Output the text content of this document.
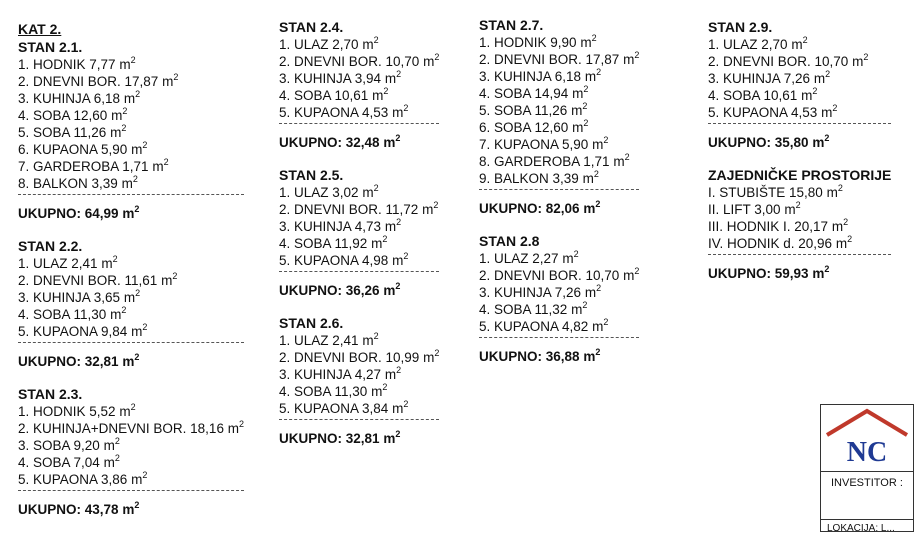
KAT 2.
STAN 2.1.
1. HODNIK 7,77 $m^2$
2. DNEVNI BOR. 17,87 $m^2$
3. KUHINJA 6,18 $m^2$
4. SOBA 12,60 $m^2$
5. SOBA 11,26 $m^2$
6. KUPAONA 5,90 $m^2$
7. GARDEROBA 1,71 $m^2$
8. BALKON 3,39 $m^2$
UKUPNO: 64,99 $m^2$
STAN 2.2.
1. ULAZ 2,41 $m^2$
2. DNEVNI BOR. 11,61 $m^2$
3. KUHINJA 3,65 $m^2$
4. SOBA 11,30 $m^2$
5. KUPAONA 9,84 $m^2$
UKUPNO: 32,81 $m^2$
STAN 2.3.
1. HODNIK 5,52 $m^2$
2. KUHINJA+DNEVNI BOR. 18,16 $m^2$
3. SOBA 9,20 $m^2$
4. SOBA 7,04 $m^2$
5. KUPAONA 3,86 $m^2$
UKUPNO: 43,78 $m^2$
STAN 2.4.
1. ULAZ 2,70 $m^2$
2. DNEVNI BOR. 10,70 $m^2$
3. KUHINJA 3,94 $m^2$
4. SOBA 10,61 $m^2$
5. KUPAONA 4,53 $m^2$
UKUPNO: 32,48 $m^2$
STAN 2.5.
1. ULAZ 3,02 $m^2$
2. DNEVNI BOR. 11,72 $m^2$
3. KUHINJA 4,73 $m^2$
4. SOBA 11,92 $m^2$
5. KUPAONA 4,98 $m^2$
UKUPNO: 36,26 $m^2$
STAN 2.6.
1. ULAZ 2,41 $m^2$
2. DNEVNI BOR. 10,99 $m^2$
3. KUHINJA 4,27 $m^2$
4. SOBA 11,30 $m^2$
5. KUPAONA 3,84 $m^2$
UKUPNO: 32,81 $m^2$
STAN 2.7.
1. HODNIK 9,90 $m^2$
2. DNEVNI BOR. 17,87 $m^2$
3. KUHINJA 6,18 $m^2$
4. SOBA 14,94 $m^2$
5. SOBA 11,26 $m^2$
6. SOBA 12,60 $m^2$
7. KUPAONA 5,90 $m^2$
8. GARDEROBA 1,71 $m^2$
9. BALKON 3,39 $m^2$
UKUPNO: 82,06 $m^2$
STAN 2.8
1. ULAZ 2,27 $m^2$
2. DNEVNI BOR. 10,70 $m^2$
3. KUHINJA 7,26 $m^2$
4. SOBA 11,32 $m^2$
5. KUPAONA 4,82 $m^2$
UKUPNO: 36,88 $m^2$
STAN 2.9.
1. ULAZ 2,70 $m^2$
2. DNEVNI BOR. 10,70 $m^2$
3. KUHINJA 7,26 $m^2$
4. SOBA 10,61 $m^2$
5. KUPAONA 4,53 $m^2$
UKUPNO: 35,80 $m^2$
ZAJEDNIČKE PROSTORIJE
I. STUBIŠTE 15,80 $m^2$
II. LIFT 3,00 $m^2$
III. HODNIK I. 20,17 $m^2$
IV. HODNIK d. 20,96 $m^2$
UKUPNO: 59,93 $m^2$
NC
INVESTITOR :
LOKACIJA: L...
